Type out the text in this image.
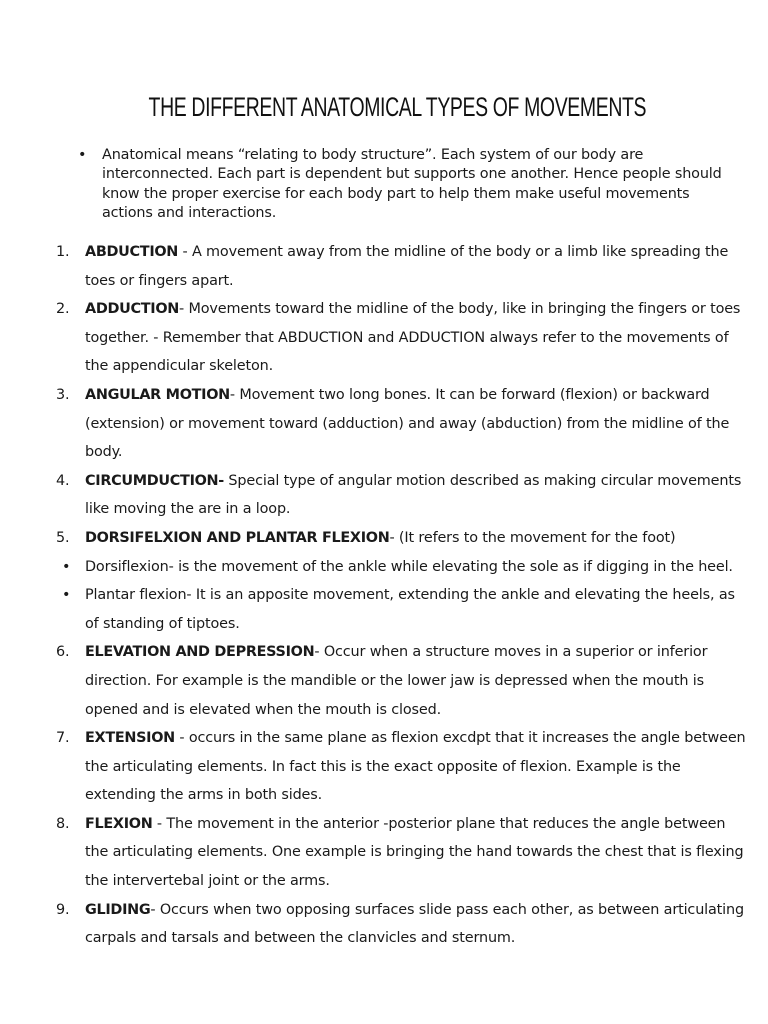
THE DIFFERENT ANATOMICAL TYPES OF MOVEMENTS
• Anatomical means “relating to body structure”. Each system of our body are interconnected. Each part is dependent but supports one another. Hence people should know the proper exercise for each body part to help them make useful movements actions and interactions.
1.	ABDUCTION - A movement away from the midline of the body or a limb like spreading the toes or fingers apart.
2.	ADDUCTION- Movements toward the midline of the body, like in bringing the fingers or toes together. - Remember that ABDUCTION and ADDUCTION always refer to the movements of the appendicular skeleton.
3.	ANGULAR MOTION- Movement two long bones. It can be forward (flexion) or backward (extension) or movement toward (adduction) and away (abduction) from the midline of the body.
4.	CIRCUMDUCTION- Special type of angular motion described as making circular movements like moving the are in a loop.
5.	DORSIFELXION AND PLANTAR FLEXION- (It refers to the movement for the foot)
•	Dorsiflexion- is the movement of the ankle while elevating the sole as if digging in the heel.
•	Plantar flexion- It is an apposite movement, extending the ankle and elevating the heels, as of standing of tiptoes.
6.	ELEVATION AND DEPRESSION- Occur when a structure moves in a superior or inferior direction. For example is the mandible or the lower jaw is depressed when the mouth is opened and is elevated when the mouth is closed.
7.	EXTENSION - occurs in the same plane as flexion excdpt that it increases the angle between the articulating elements. In fact this is the exact opposite of flexion. Example is the extending the arms in both sides.
8.	FLEXION - The movement in the anterior -posterior plane that reduces the angle between the articulating elements. One example is bringing the hand towards the chest that is flexing the intervertebal joint or the arms.
9.	GLIDING- Occurs when two opposing surfaces slide pass each other, as between articulating carpals and tarsals and between the clanvicles and sternum.
